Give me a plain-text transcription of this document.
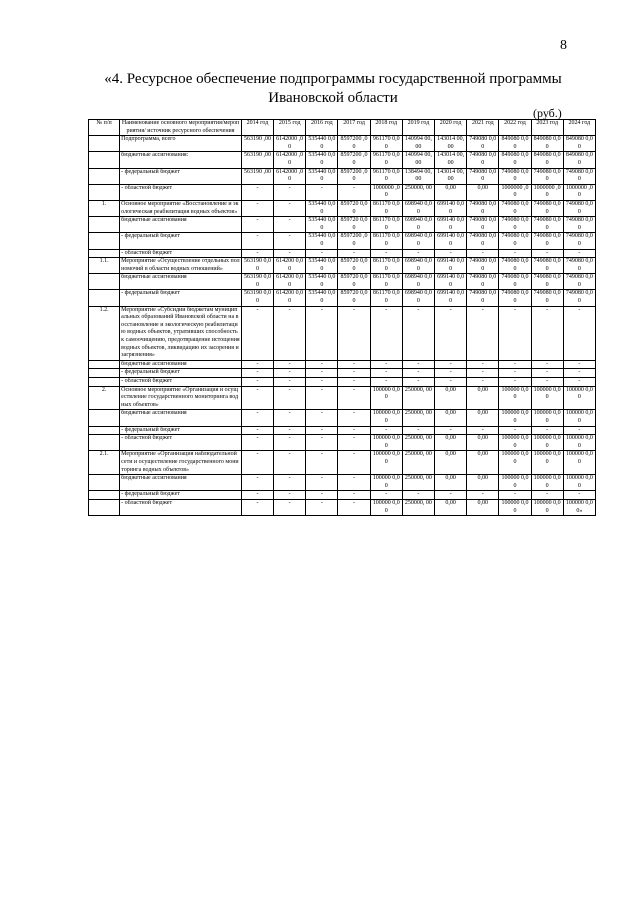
8
«4. Ресурсное обеспечение подпрограммы государственной программы
Ивановской области
(руб.)
№ п/п	Наименование основного мероприятия/мероприятия/ источник ресурсного обеспечения	2014 год	2015 год	2016 год	2017 год	2018 год	2019 год	2020 год	2021 год	2022 год	2023 год	2024 год
	Подпрограмма, всего	563190 ,00	6142000 ,00	535440 0,00	8597200 ,00	961170 0,00	140994 00,00	143014 00,00	749080 0,00	849080 0,00	849080 0,00	849080 0,00
	бюджетные ассигнования:	563190 ,00	6142000 ,00	535440 0,00	8597200 ,00	961170 0,00	140994 00,00	143014 00,00	749080 0,00	849080 0,00	849080 0,00	849080 0,00
	- федеральный бюджет	563190 ,00	6142000 ,00	535440 0,00	8597200 ,00	961170 0,00	138494 00,00	143014 00,00	749080 0,00	749080 0,00	749080 0,00	749080 0,00
	- областной бюджет	-	-	-	-	1000000 ,00	250000, 00	0,00	0,00	1000000 ,00	1000000 ,00	1000000 ,00
1.	Основное мероприятие «Восстановление и экологическая реабилитация водных объектов»	-	-	535440 0,00	859720 0,00	861170 0,00	698940 0,00	699140 0,00	749080 0,00	749080 0,00	749080 0,00	749080 0,00
	бюджетные ассигнования	-	-	535440 0,00	859720 0,00	861170 0,00	698940 0,00	699140 0,00	749080 0,00	749080 0,00	749080 0,00	749080 0,00
	- федеральный бюджет	-	-	535440 0,00	8597200 ,00	861170 0,00	698940 0,00	699140 0,00	749080 0,00	749080 0,00	749080 0,00	749080 0,00
	- областной бюджет	-	-	-	-	-	-	-	-	-	-	-
1.1.	Мероприятие «Осуществление отдельных полномочий в области водных отношений»	563190 0,00	614200 0,00	535440 0,00	859720 0,00	861170 0,00	698940 0,00	699140 0,00	749080 0,00	749080 0,00	749080 0,00	749080 0,00
	бюджетные ассигнования	563190 0,00	614200 0,00	535440 0,00	859720 0,00	861170 0,00	698940 0,00	699140 0,00	749080 0,00	749080 0,00	749080 0,00	749080 0,00
	- федеральный бюджет	563190 0,00	614200 0,00	535440 0,00	859720 0,00	861170 0,00	698940 0,00	699140 0,00	749080 0,00	749080 0,00	749080 0,00	749080 0,00
1.2.	Мероприятие «Субсидии бюджетам муниципальных образований Ивановской области на восстановление и экологическую реабилитацию водных объектов, утративших способность к самоочищению, предотвращение истощения водных объектов, ликвидацию их засорения и загрязнения»	-	-	-	-	-	-	-	-	-	-	-
	бюджетные ассигнования	-	-	-	-	-	-	-	-	-	-	-
	- федеральный бюджет	-	-	-	-	-	-	-	-	-	-	-
	- областной бюджет	-	-	-	-	-	-	-	-	-	-	-
2.	Основное мероприятие «Организация и осуществление государственного мониторинга водных объектов»	-	-	-	-	100000 0,00	250000, 00	0,00	0,00	100000 0,00	100000 0,00	100000 0,00
	бюджетные ассигнования	-	-	-	-	100000 0,00	250000, 00	0,00	0,00	100000 0,00	100000 0,00	100000 0,00
	- федеральный бюджет	-	-	-	-	-	-	-	-	-	-	-
	- областной бюджет	-	-	-	-	100000 0,00	250000, 00	0,00	0,00	100000 0,00	100000 0,00	100000 0,00
2.1.	Мероприятие «Организация наблюдательной сети и осуществление государственного мониторинга водных объектов»	-	-	-	-	100000 0,00	250000, 00	0,00	0,00	100000 0,00	100000 0,00	100000 0,00
	бюджетные ассигнования	-	-	-	-	100000 0,00	250000, 00	0,00	0,00	100000 0,00	100000 0,00	100000 0,00
	- федеральный бюджет	-	-	-	-	-	-	-	-	-	-	-
	- областной бюджет	-	-	-	-	100000 0,00	250000, 00	0,00	0,00	100000 0,00	100000 0,00	100000 0,00»
